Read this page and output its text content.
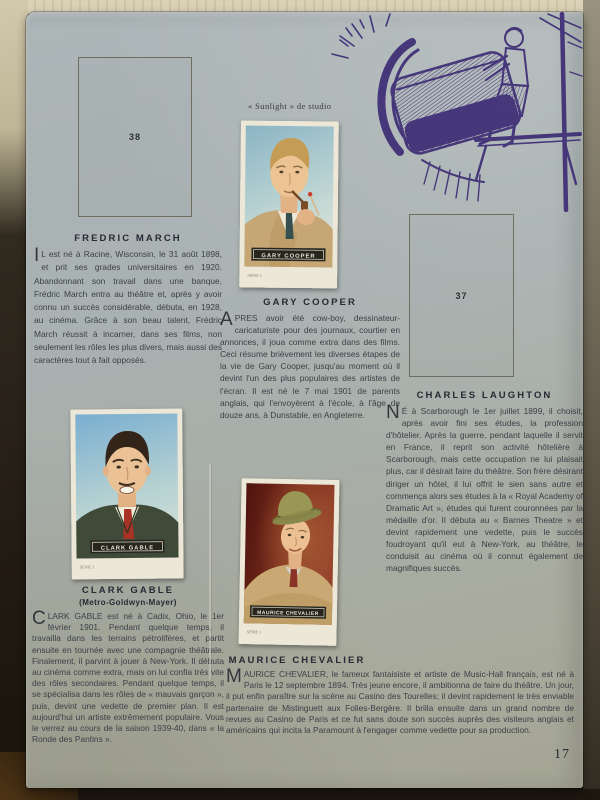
38
« Sunlight » de studio
GARY COOPER
SÉRIE 1
FREDRIC MARCH

I L est né à Racine, Wisconsin, le 31 août 1898, et prit ses grades universitaires en 1920. Abandonnant son travail dans une banque, Frédric March entra au théâtre et, après y avoir connu un succès considérable, débuta, en 1928, au cinéma. Grâce à son beau talent, Frédric March réussit à incarner, dans ses films, non seulement les rôles les plus divers, mais aussi des caractères tout à fait opposés.

GARY COOPER

APRES avoir été cow-boy, dessinateur-caricaturiste pour des journaux, courtier en annonces, il joua comme extra dans des films. Ceci résume brièvement les diverses étapes de la vie de Gary Cooper, jusqu'au moment où il devint l'un des plus populaires des artistes de l'écran. Il est né le 7 mai 1901 de parents anglais, qui l'envoyèrent à l'école, à l'âge de douze ans, à Dunstable, en Angleterre.

37
CHARLES LAUGHTON

N É à Scarborough le 1er juillet 1899, il choisit, après avoir fini ses études, la profession d'hôtelier. Après la guerre, pendant laquelle il servit en France, il reprit son activité hôtelière à Scarborough, mais cette occupation ne lui plaisait plus, car il désirait faire du théâtre. Son frère désirant diriger un hôtel, il lui offrit le sien sans autre et commença alors ses études à la « Royal Academy of Dramatic Art », études qui furent couronnées par la médaille d'or. Il débuta au « Barnes Theatre » et devint rapidement une vedette, puis le succès foudroyant qu'il eut à New-York, au théâtre, le conduisit au cinéma où il connut également de magnifiques succès.

CLARK GABLE
SÉRIE 1
CLARK GABLE
(Metro-Goldwyn-Mayer)

CLARK GABLE est né à Cadix, Ohio, le 1er février 1901. Pendant quelque temps, il travailla dans les terrains pétrolifères, et partit ensuite en tournée avec une compagnie théâtrale. Finalement, il parvint à jouer à New-York. Il débuta au cinéma comme extra, mais on lui confia très vite des rôles secondaires. Pendant quelque temps, il se spécialisa dans les rôles de « mauvais garçon », puis, devint une vedette de premier plan. Il est aujourd'hui un artiste extrêmement populaire. Vous le verrez au cours de la saison 1939-40, dans « la Ronde des Pantins ».

MAURICE CHEVALIER
SÉRIE 1
MAURICE CHEVALIER

MAURICE CHEVALIER, le fameux fantaisiste et artiste de Music-Hall français, est né à Paris le 12 septembre 1894. Très jeune encore, il ambitionna de faire du théâtre. Un jour, il put enfin paraître sur la scène au Casino des Tourelles; il devint rapidement le très enviable partenaire de Mistinguett aux Folies-Bergère. Il brilla ensuite dans un grand nombre de revues au Casino de Paris et ce fut sans doute son succès auprès des visiteurs anglais et américains qui incita la Paramount à l'engager comme vedette pour sa production.

17
